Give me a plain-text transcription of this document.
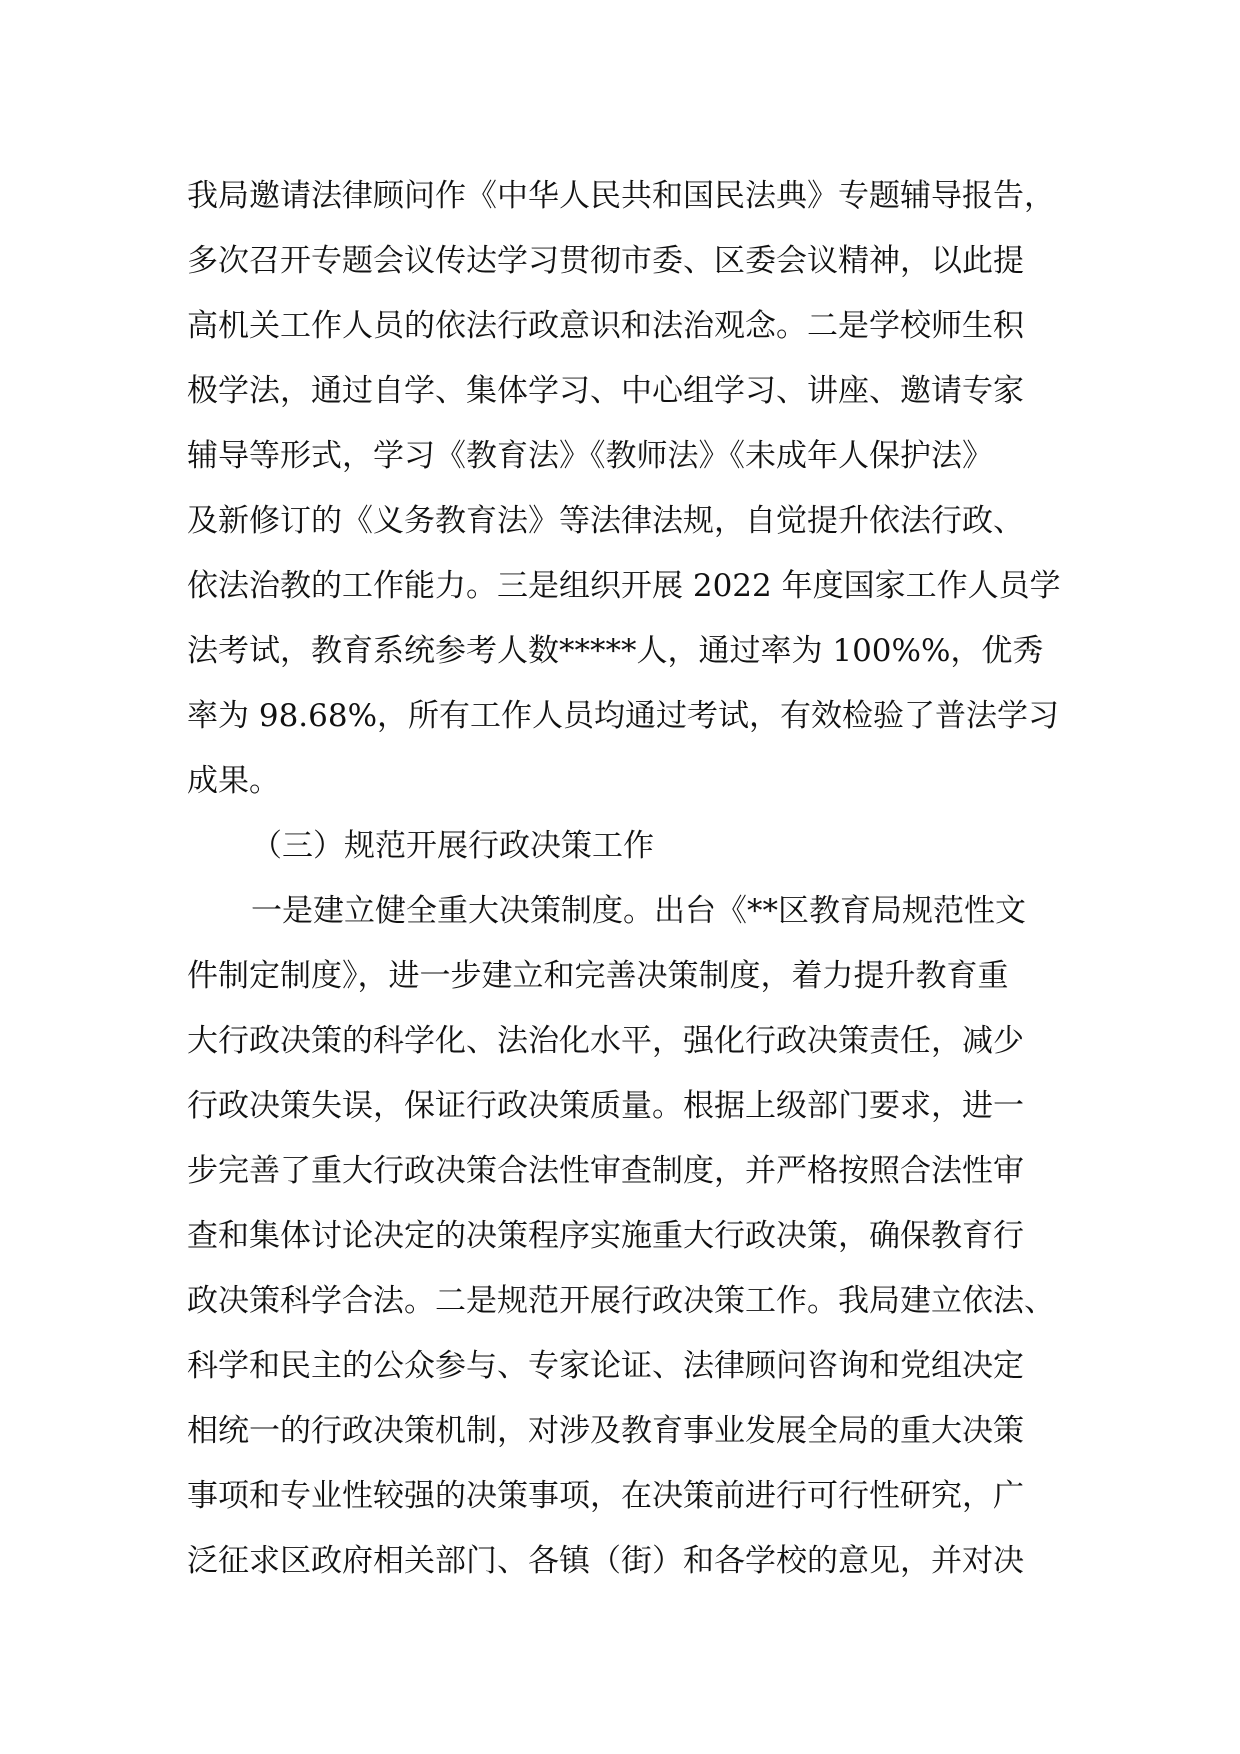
我局邀请法律顾问作《中华人民共和国民法典》专题辅导报告，
多次召开专题会议传达学习贯彻市委、区委会议精神，以此提
高机关工作人员的依法行政意识和法治观念。二是学校师生积
极学法，通过自学、集体学习、中心组学习、讲座、邀请专家
辅导等形式，学习《教育法》《教师法》《未成年人保护法》
及新修订的《义务教育法》等法律法规，自觉提升依法行政、
依法治教的工作能力。三是组织开展 2022 年度国家工作人员学
法考试，教育系统参考人数*****人，通过率为 100%%，优秀
率为 98.68%，所有工作人员均通过考试，有效检验了普法学习
成果。
（三）规范开展行政决策工作
一是建立健全重大决策制度。出台《**区教育局规范性文
件制定制度》，进一步建立和完善决策制度，着力提升教育重
大行政决策的科学化、法治化水平，强化行政决策责任，减少
行政决策失误，保证行政决策质量。根据上级部门要求，进一
步完善了重大行政决策合法性审查制度，并严格按照合法性审
查和集体讨论决定的决策程序实施重大行政决策，确保教育行
政决策科学合法。二是规范开展行政决策工作。我局建立依法、
科学和民主的公众参与、专家论证、法律顾问咨询和党组决定
相统一的行政决策机制，对涉及教育事业发展全局的重大决策
事项和专业性较强的决策事项，在决策前进行可行性研究，广
泛征求区政府相关部门、各镇（街）和各学校的意见，并对决
